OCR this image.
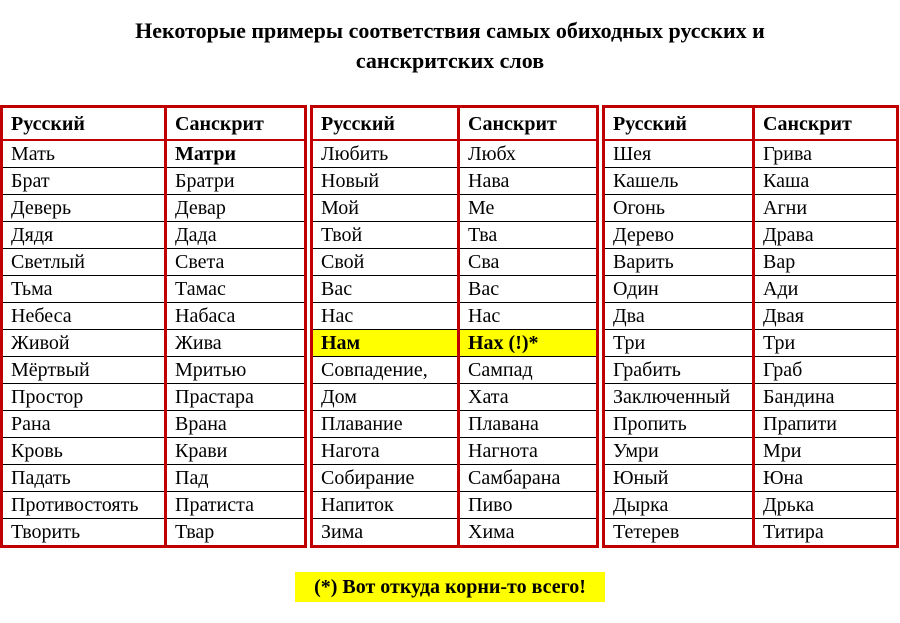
Некоторые примеры соответствия самых обиходных русских и
санскритских слов
Русский	Санскрит
Мать	Матри
Брат	Братри
Деверь	Девар
Дядя	Дада
Светлый	Света
Тьма	Тамас
Небеса	Набаса
Живой	Жива
Мёртвый	Мритью
Простор	Прастара
Рана	Врана
Кровь	Крави
Падать	Пад
Противостоять	Пратиста
Творить	Твар
Русский	Санскрит
Любить	Любх
Новый	Нава
Мой	Ме
Твой	Тва
Свой	Сва
Вас	Вас
Нас	Нас
Нам	Нах (!)*
Совпадение,	Сампад
Дом	Хата
Плавание	Плавана
Нагота	Нагнота
Собирание	Самбарана
Напиток	Пиво
Зима	Хима
Русский	Санскрит
Шея	Грива
Кашель	Каша
Огонь	Агни
Дерево	Драва
Варить	Вар
Один	Ади
Два	Двая
Три	Три
Грабить	Граб
Заключенный	Бандина
Пропить	Прапити
Умри	Мри
Юный	Юна
Дырка	Дрька
Тетерев	Титира
(*) Вот откуда корни-то всего!
